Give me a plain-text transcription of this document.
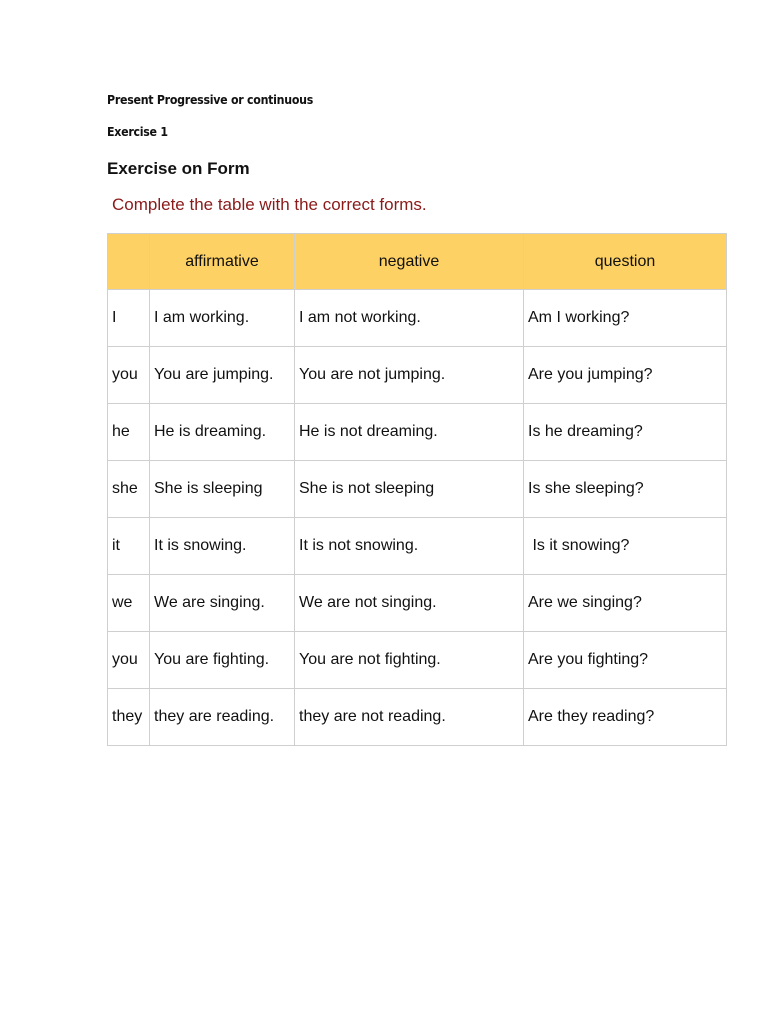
Present Progressive or continuous
Exercise 1
Exercise on Form
Complete the table with the correct forms.
	affirmative	negative	question
I	I am working.	I am not working.	Am I working?
you	You are jumping.	You are not jumping.	Are you jumping?
he	He is dreaming.	He is not dreaming.	Is he dreaming?
she	She is sleeping	She is not sleeping	Is she sleeping?
it	It is snowing.	It is not snowing.	Is it snowing?
we	We are singing.	We are not singing.	Are we singing?
you	You are fighting.	You are not fighting.	Are you fighting?
they	they are reading.	they are not reading.	Are they reading?
